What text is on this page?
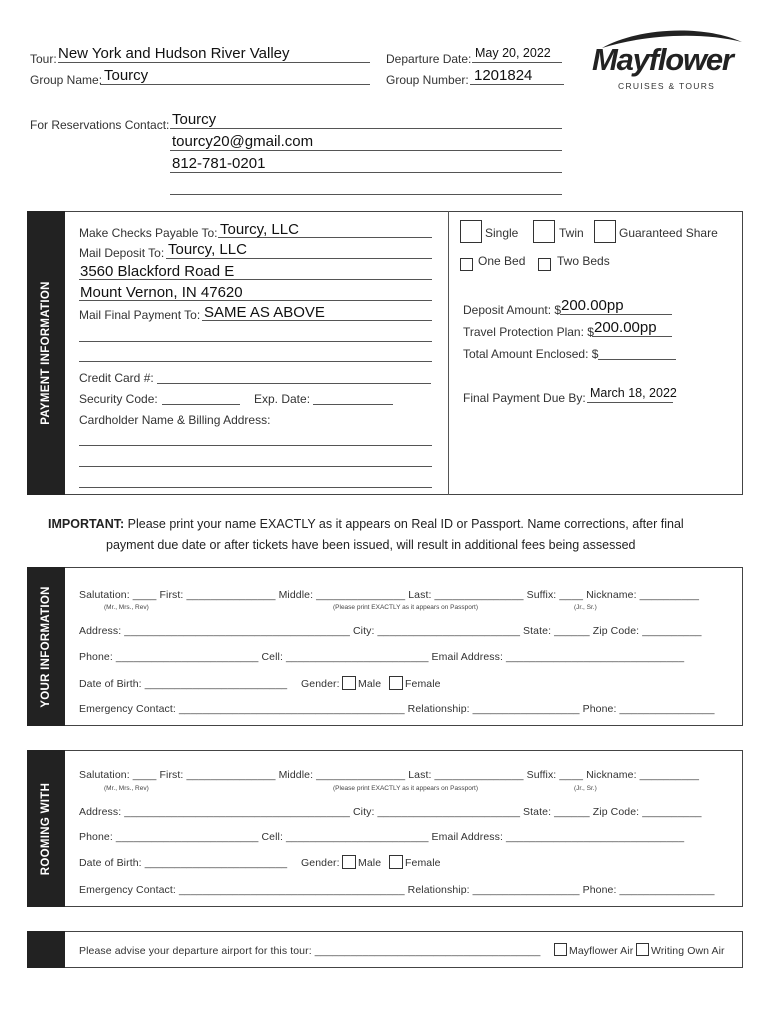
Tour: New York and Hudson River Valley
Group Name: Tourcy
Departure Date: May 20, 2022
Group Number: 1201824 Mayflower
CRUISES & TOURS
For Reservations Contact: Tourcy
tourcy20@gmail.com
812-781-0201
PAYMENT INFORMATION
Make Checks Payable To: Tourcy, LLC
Mail Deposit To: Tourcy, LLC
3560 Blackford Road E
Mount Vernon, IN 47620
Mail Final Payment To: SAME AS ABOVE
Credit Card #:
Security Code:	Exp. Date:
Cardholder Name & Billing Address:
Single	Twin	Guaranteed Share
One Bed	Two Beds
Deposit Amount: $ 200.00pp
Travel Protection Plan: $ 200.00pp
Total Amount Enclosed: $
Final Payment Due By: March 18, 2022
IMPORTANT: Please print your name EXACTLY as it appears on Real ID or Passport. Name corrections, after final
payment due date or after tickets have been issued, will result in additional fees being assessed
YOUR INFORMATION	Salutation: ____ First: _______________ Middle: _______________ Last: _______________ Suffix: ____ Nickname: __________
(Mr., Mrs., Rev)	(Please print EXACTLY as it appears on Passport)	(Jr., Sr.)
Address: ______________________________________ City: ________________________ State: ______ Zip Code: __________
Phone: ________________________ Cell: ________________________ Email Address: ______________________________
Date of Birth: ________________________ Gender: Male Female
Emergency Contact: ______________________________________ Relationship: __________________ Phone: ________________
ROOMING WITH
Salutation: ____ First: _______________ Middle: _______________ Last: _______________ Suffix: ____ Nickname: __________
(Mr., Mrs., Rev)	(Please print EXACTLY as it appears on Passport)	(Jr., Sr.)
Address: ______________________________________ City: ________________________ State: ______ Zip Code: __________
Phone: ________________________ Cell: ________________________ Email Address: ______________________________
Date of Birth: ________________________ Gender: Male Female
Emergency Contact: ______________________________________ Relationship: __________________ Phone: ________________
Please advise your departure airport for this tour: ______________________________________	Mayflower Air Writing Own Air
